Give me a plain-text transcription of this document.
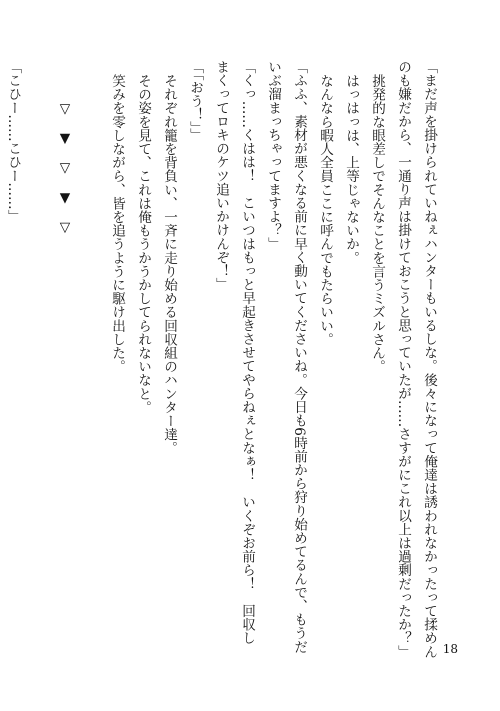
「まだ声を掛けられていねぇハンターもいるしな。後々になって俺達は誘われなかったって揉めん
のも嫌だから、一通り声は掛けておこうと思っていたが……さすがにこれ以上は過剰だったか？」
挑発的な眼差しでそんなことを言うミズルさん。
はっはっは、上等じゃないか。
なんなら暇人全員ここに呼んでもたらいい。
「ふふ、素材が悪くなる前に早く動いてくださいね。今日も6時前から狩り始めてるんで、もうだ
いぶ溜まっちゃってますよ？」
「くっ……くはは！　こいつはもっと早起きさせてやらねぇとなぁ！　いくぞお前ら！　回収し
まくってロキのケツ追いかけんぞ！」
「「おう！」」
それぞれ籠を背負い、一斉に走り始める回収組のハンター達。
その姿を見て、これは俺もうかうかしてられないなと。
笑みを零しながら、皆を追うように駆け出した。
▽　▼　▽　▼　▽
「こひー……こひー……」
18
